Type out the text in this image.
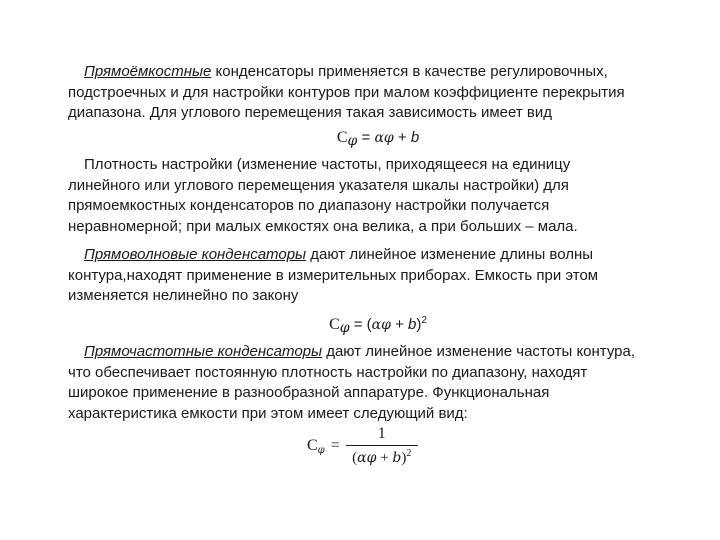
Прямоёмкостные конденсаторы применяется в качестве регулировочных,
подстроечных и для настройки контуров при малом коэффициенте перекрытия
диапазона. Для углового перемещения такая зависимость имеет вид
$C_\varphi = \alpha\varphi + b$
Плотность настройки (изменение частоты, приходящееся на единицу
линейного или углового перемещения указателя шкалы настройки) для
прямоемкостных конденсаторов по диапазону настройки получается
неравномерной; при малых емкостях она велика, а при больших – мала.
Прямоволновые конденсаторы дают линейное изменение длины волны
контура,находят применение в измерительных приборах. Емкость при этом
изменяется нелинейно по закону
$C_\varphi = (\alpha\varphi + b)^2$
Прямочастотные конденсаторы дают линейное изменение частоты контура,
что обеспечивает постоянную плотность настройки по диапазону, находят
широкое применение в разнообразной аппаратуре. Функциональная
характеристика емкости при этом имеет следующий вид:
$C_\varphi = \frac{1}{(\alpha\varphi + b)^2}$
